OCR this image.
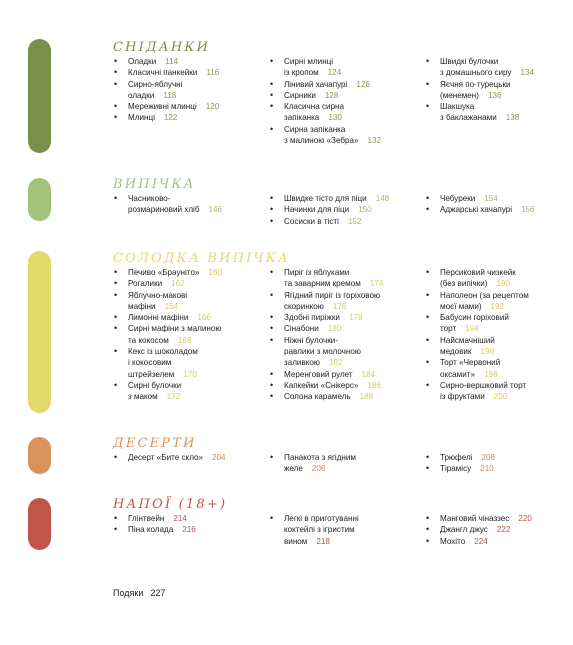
СНІДАНКИ
• Оладки 114
• Класичні панкейки 116
• Сирно-яблучні
оладки 118
• Мереживні млинці 120
• Млинці 122
• Сирні млинці
із кропом 124
• Лінивий хачапурі 126
• Сирники 128
• Класична сирна
запіканка 130
• Сирна запіканка
з малиною «Зебра» 132
• Швидкі булочки
з домашнього сиру 134
• Яєчня по-турецьки
(менемен) 136
• Шакшука
з баклажанами 138
ВИПІЧКА
• Часниково-
розмариновий хліб 146
• Швидке тісто для піци 148
• Начинки для піци 150
• Сосиски в тісті 152
• Чебуреки 154
• Аджарські хачапурі 156
СОЛОДКА ВИПІЧКА
• Печиво «Браунітo» 160
• Рогалики 162
• Яблучно-макові
мафіни 164
• Лимонні мафіни 166
• Сирні мафіни з малиною
та кокосом 168
• Кекс із шоколадом
і кокосовим
штрейзелем 170
• Сирні булочки
з маком 172
• Пиріг із яблуками
та заварним кремом 174
• Ягідний пиріг із горіховою
скоринкою 176
• Здобні пиріжки 178
• Сінабони 180
• Ніжні булочки-
равлики з молочною
заливкою 182
• Меренговий рулет 184
• Капкейки «Снікерс» 186
• Солона карамель 188
• Персиковий чизкейк
(без випічки) 190
• Наполеон (за рецептом
моєї мами) 192
• Бабусин горіховий
торт 194
• Найсмачніший
медовик 196
• Торт «Червоний
оксамит» 198
• Сирно-вершковий торт
із фруктами 200
ДЕСЕРТИ
• Десерт «Бите скло» 204	• Панакота з ягідним
желе 206
• Трюфелі 208
• Тірамісу 210
НАПОЇ (18+)
• Глінтвейн 214
• Піна колада 216
• Легкі в приготуванні
коктейлі з ігристим
вином 218
• Манговий чіназзес 220
• Джангл джус 222
• Мохіто 224
Подяки 227
